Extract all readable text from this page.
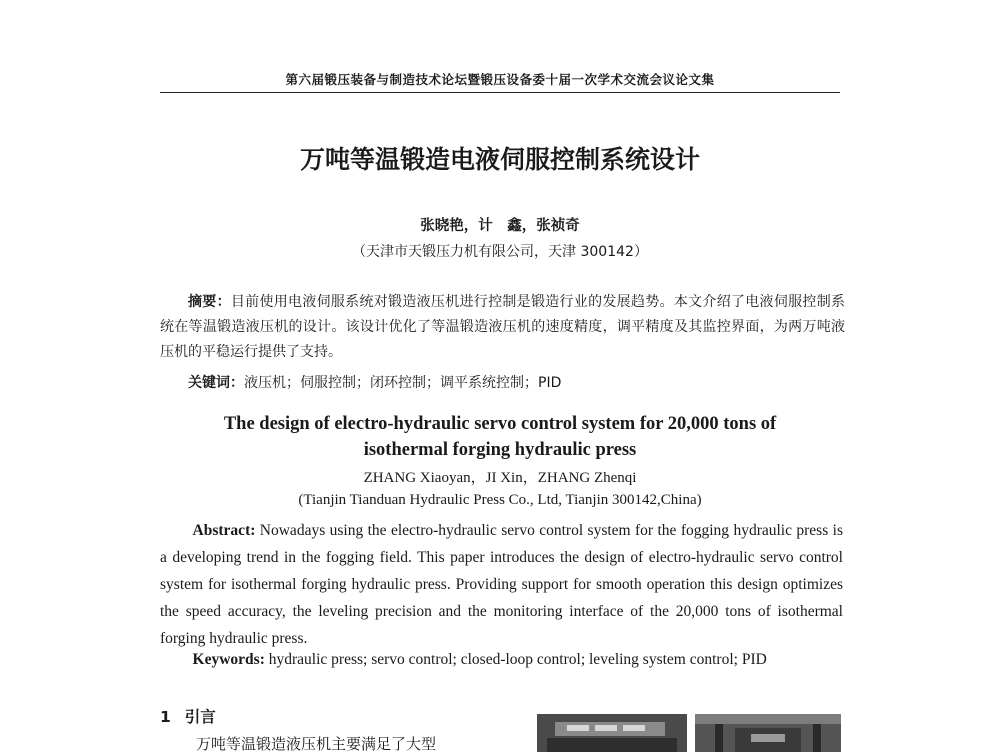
第六届锻压装备与制造技术论坛暨锻压设备委十届一次学术交流会议论文集
万吨等温锻造电液伺服控制系统设计
张晓艳，计　鑫，张祯奇
（天津市天锻压力机有限公司，天津 300142）
摘要：目前使用电液伺服系统对锻造液压机进行控制是锻造行业的发展趋势。本文介绍了电液伺服控制系统在等温锻造液压机的设计。该设计优化了等温锻造液压机的速度精度，调平精度及其监控界面，为两万吨液压机的平稳运行提供了支持。
关键词：液压机；伺服控制；闭环控制；调平系统控制；PID
The design of electro-hydraulic servo control system for 20,000 tons of
isothermal forging hydraulic press
ZHANG Xiaoyan，JI Xin，ZHANG Zhenqi
(Tianjin Tianduan Hydraulic Press Co., Ltd, Tianjin 300142,China)
Abstract: Nowadays using the electro-hydraulic servo control system for the fogging hydraulic press is a developing trend in the fogging field. This paper introduces the design of electro-hydraulic servo control system for isothermal forging hydraulic press. Providing support for smooth operation this design optimizes the speed accuracy, the leveling precision and the monitoring interface of the 20,000 tons of isothermal forging hydraulic press.
Keywords: hydraulic press; servo control; closed-loop control; leveling system control; PID
1 引言
万吨等温锻造液压机主要满足了大型
